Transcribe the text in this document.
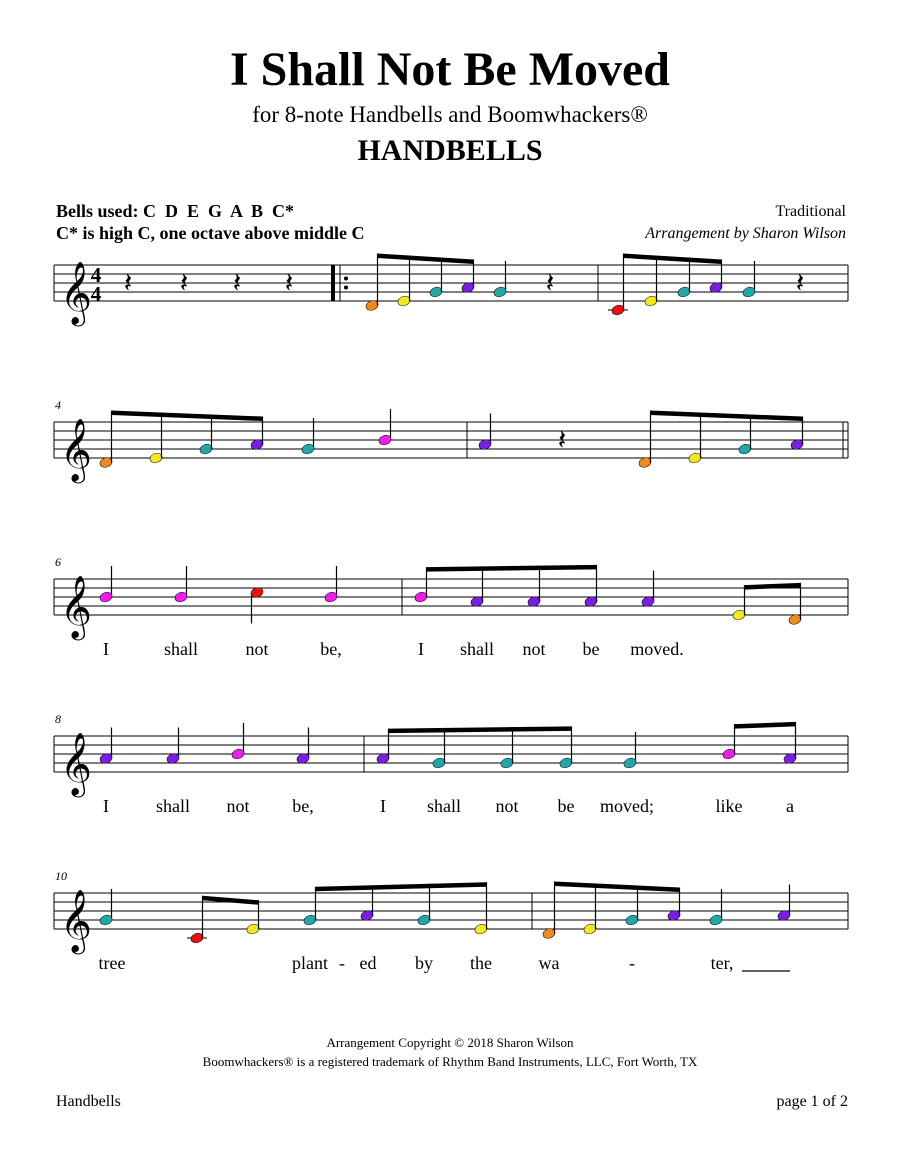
I Shall Not Be Moved
for 8-note Handbells and Boomwhackers®
HANDBELLS
Bells used: C  D  E  G  A  B  C*
C* is high C, one octave above middle C
Traditional
Arrangement by Sharon Wilson
𝄞
4
4 𝄽 𝄽 𝄽 𝄽	𝄽	𝄽
𝄞
4
𝄽
𝄞
6
I	shall	not	be,	I shall not be moved.
𝄞
8
I	shall not be,	I shall not be moved;	like a
𝄞
10
tree	plant - ed by the	wa	-	ter,
Arrangement Copyright © 2018 Sharon Wilson
Boomwhackers® is a registered trademark of Rhythm Band Instruments, LLC, Fort Worth, TX
Handbells	page 1 of 2
